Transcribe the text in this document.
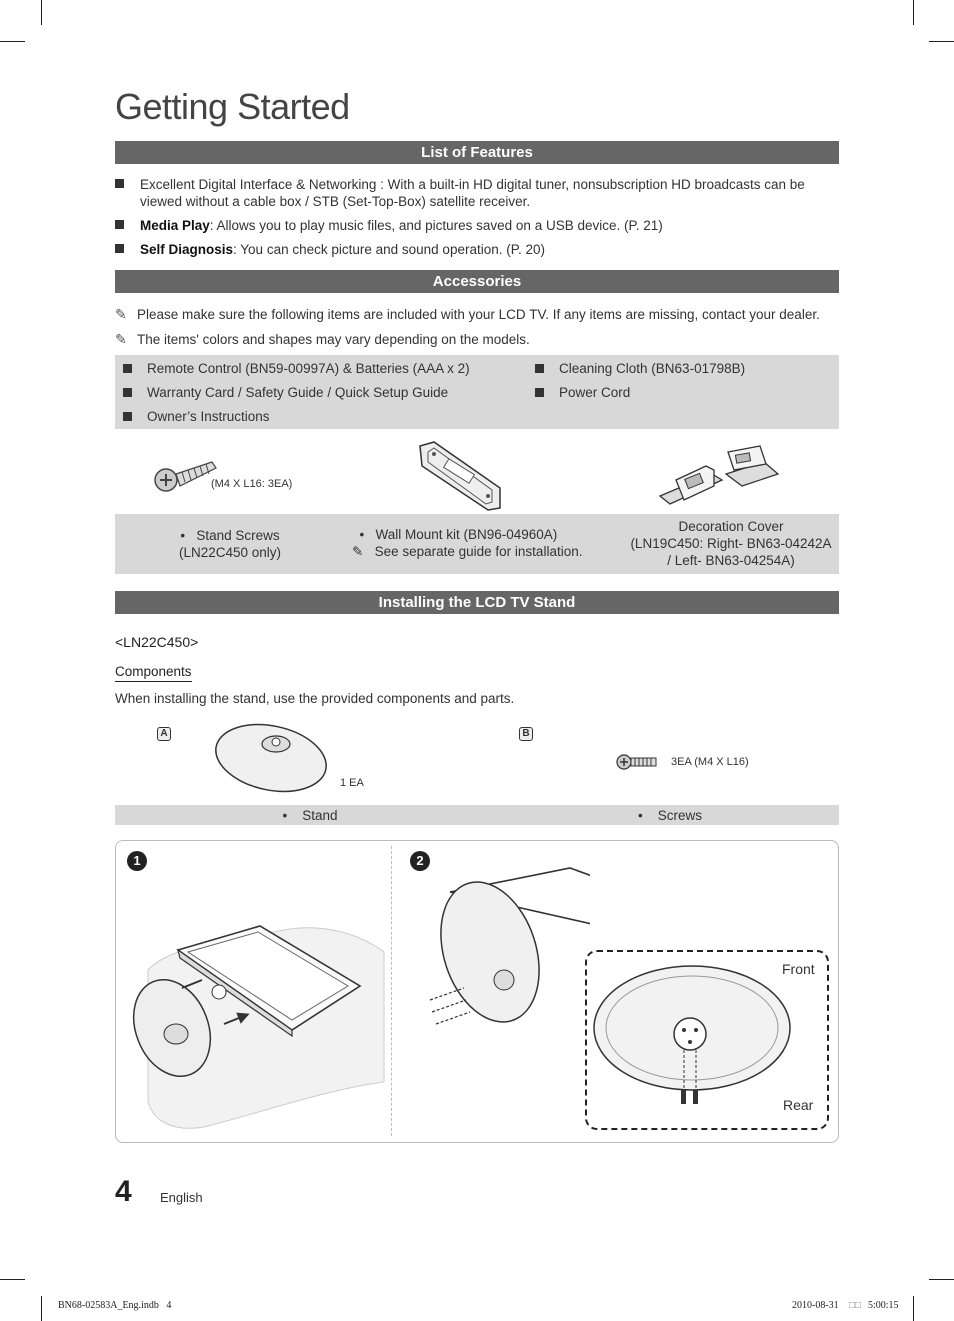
Getting Started
List of Features
Excellent Digital Interface & Networking : With a built-in HD digital tuner, nonsubscription HD broadcasts can be viewed without a cable box / STB (Set-Top-Box) satellite receiver.
Media Play: Allows you to play music files, and pictures saved on a USB device. (P. 21)
Self Diagnosis: You can check picture and sound operation. (P. 20)
Accessories
✎ Please make sure the following items are included with your LCD TV. If any items are missing, contact your dealer.
✎ The items' colors and shapes may vary depending on the models.
Remote Control (BN59-00997A) & Batteries (AAA x 2)
Warranty Card / Safety Guide / Quick Setup Guide
Owner’s Instructions
Cleaning Cloth (BN63-01798B)
Power Cord
(M4 X L16: 3EA)
•   Stand Screws
(LN22C450 only)
•   Wall Mount kit (BN96-04960A)
✎   See separate guide for installation.
Decoration Cover
(LN19C450: Right- BN63-04242A
/ Left- BN63-04254A)
Installing the LCD TV Stand
<LN22C450>
Components
When installing the stand, use the provided components and parts.
A
1 EA
B
3EA (M4 X L16)
•    Stand	•    Screws
1	2
Front
Rear
4 English
BN68-02583A_Eng.indb   4	2010-08-31 □□ 5:00:15
